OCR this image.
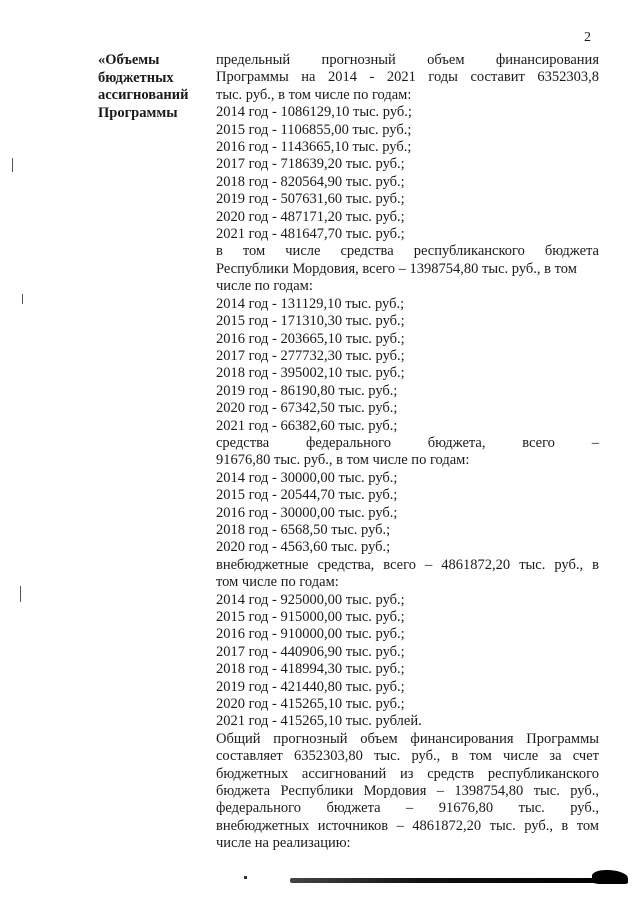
2
«Объемы
бюджетных
ассигнований
Программы
предельный прогнозный объем финансирования
Программы на 2014 - 2021 годы составит 6352303,8
тыс. руб., в том числе по годам:
2014 год - 1086129,10 тыс. руб.;
2015 год - 1106855,00 тыс. руб.;
2016 год - 1143665,10 тыс. руб.;
2017 год - 718639,20 тыс. руб.;
2018 год - 820564,90 тыс. руб.;
2019 год - 507631,60 тыс. руб.;
2020 год - 487171,20 тыс. руб.;
2021 год - 481647,70 тыс. руб.;
в том числе средства республиканского бюджета
Республики Мордовия, всего – 1398754,80 тыс. руб., в том
числе по годам:
2014 год - 131129,10 тыс. руб.;
2015 год - 171310,30 тыс. руб.;
2016 год - 203665,10 тыс. руб.;
2017 год - 277732,30 тыс. руб.;
2018 год - 395002,10 тыс. руб.;
2019 год - 86190,80 тыс. руб.;
2020 год - 67342,50 тыс. руб.;
2021 год - 66382,60 тыс. руб.;
средства федерального бюджета, всего –
91676,80 тыс. руб., в том числе по годам:
2014 год - 30000,00 тыс. руб.;
2015 год - 20544,70 тыс. руб.;
2016 год - 30000,00 тыс. руб.;
2018 год - 6568,50 тыс. руб.;
2020 год - 4563,60 тыс. руб.;
внебюджетные средства, всего – 4861872,20 тыс. руб., в
том числе по годам:
2014 год - 925000,00 тыс. руб.;
2015 год - 915000,00 тыс. руб.;
2016 год - 910000,00 тыс. руб.;
2017 год - 440906,90 тыс. руб.;
2018 год - 418994,30 тыс. руб.;
2019 год - 421440,80 тыс. руб.;
2020 год - 415265,10 тыс. руб.;
2021 год - 415265,10 тыс. рублей.
Общий прогнозный объем финансирования Программы
составляет 6352303,80 тыс. руб., в том числе за счет
бюджетных ассигнований из средств республиканского
бюджета Республики Мордовия – 1398754,80 тыс. руб.,
федерального бюджета – 91676,80 тыс. руб.,
внебюджетных источников – 4861872,20 тыс. руб., в том
числе на реализацию:
